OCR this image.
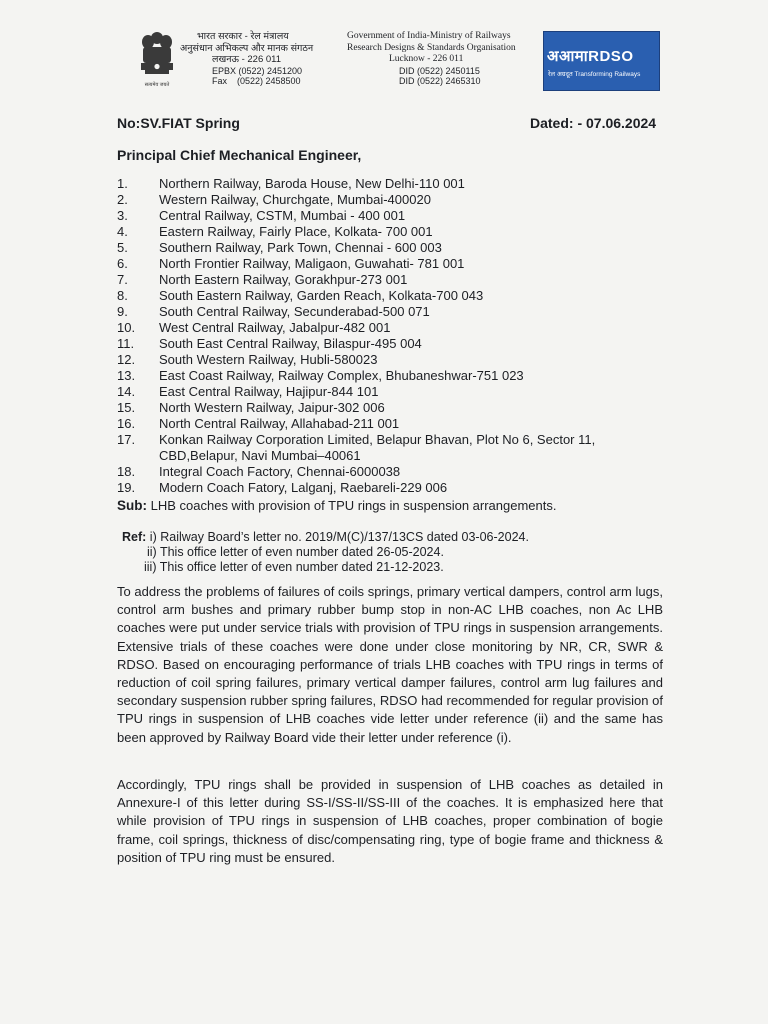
सत्यमेव जयते
भारत सरकार - रेल मंत्रालय
अनुसंधान अभिकल्प और मानक संगठन
लखनऊ - 226 011
EPBX (0522) 2451200
Fax    (0522) 2458500
Government of India-Ministry of Railways
Research Designs & Standards Organisation
Lucknow - 226 011
DID (0522) 2450115
DID (0522) 2465310
अआमाRDSO
रेल अग्रदूत Transforming Railways
No:SV.FIAT Spring	Dated: - 07.06.2024
Principal Chief Mechanical Engineer,
1.	Northern Railway, Baroda House, New Delhi-110 001
2.	Western Railway, Churchgate, Mumbai-400020
3.	Central Railway, CSTM, Mumbai - 400 001
4.	Eastern Railway, Fairly Place, Kolkata- 700 001
5.	Southern Railway, Park Town, Chennai - 600 003
6.	North Frontier Railway, Maligaon, Guwahati- 781 001
7.	North Eastern Railway, Gorakhpur-273 001
8.	South Eastern Railway, Garden Reach, Kolkata-700 043
9.	South Central Railway, Secunderabad-500 071
10.	West Central Railway, Jabalpur-482 001
11.	South East Central Railway, Bilaspur-495 004
12.	South Western Railway, Hubli-580023
13.	East Coast Railway, Railway Complex, Bhubaneshwar-751 023
14.	East Central Railway, Hajipur-844 101
15.	North Western Railway, Jaipur-302 006
16.	North Central Railway, Allahabad-211 001
17.	Konkan Railway Corporation Limited, Belapur Bhavan, Plot No 6, Sector 11, CBD,Belapur, Navi Mumbai–40061
18.	Integral Coach Factory, Chennai-6000038
19.	Modern Coach Fatory, Lalganj, Raebareli-229 006
Sub: LHB coaches with provision of TPU rings in suspension arrangements.
Ref: i) Railway Board’s letter no. 2019/M(C)/137/13CS dated 03-06-2024.
ii) This office letter of even number dated 26-05-2024.
iii) This office letter of even number dated 21-12-2023.

To address the problems of failures of coils springs, primary vertical dampers, control arm lugs, control arm bushes and primary rubber bump stop in non-AC LHB coaches, non Ac LHB coaches were put under service trials with provision of TPU rings in suspension arrangements. Extensive trials of these coaches were done under close monitoring by NR, CR, SWR & RDSO. Based on encouraging performance of trials LHB coaches with TPU rings in terms of reduction of coil spring failures, primary vertical damper failures, control arm lug failures and secondary suspension rubber spring failures, RDSO had recommended for regular provision of TPU rings in suspension of LHB coaches vide letter under reference (ii) and the same has been approved by Railway Board vide their letter under reference (i).

Accordingly, TPU rings shall be provided in suspension of LHB coaches as detailed in Annexure-I of this letter during SS-I/SS-II/SS-III of the coaches. It is emphasized here that while provision of TPU rings in suspension of LHB coaches, proper combination of bogie frame, coil springs, thickness of disc/compensating ring, type of bogie frame and thickness & position of TPU ring must be ensured.
